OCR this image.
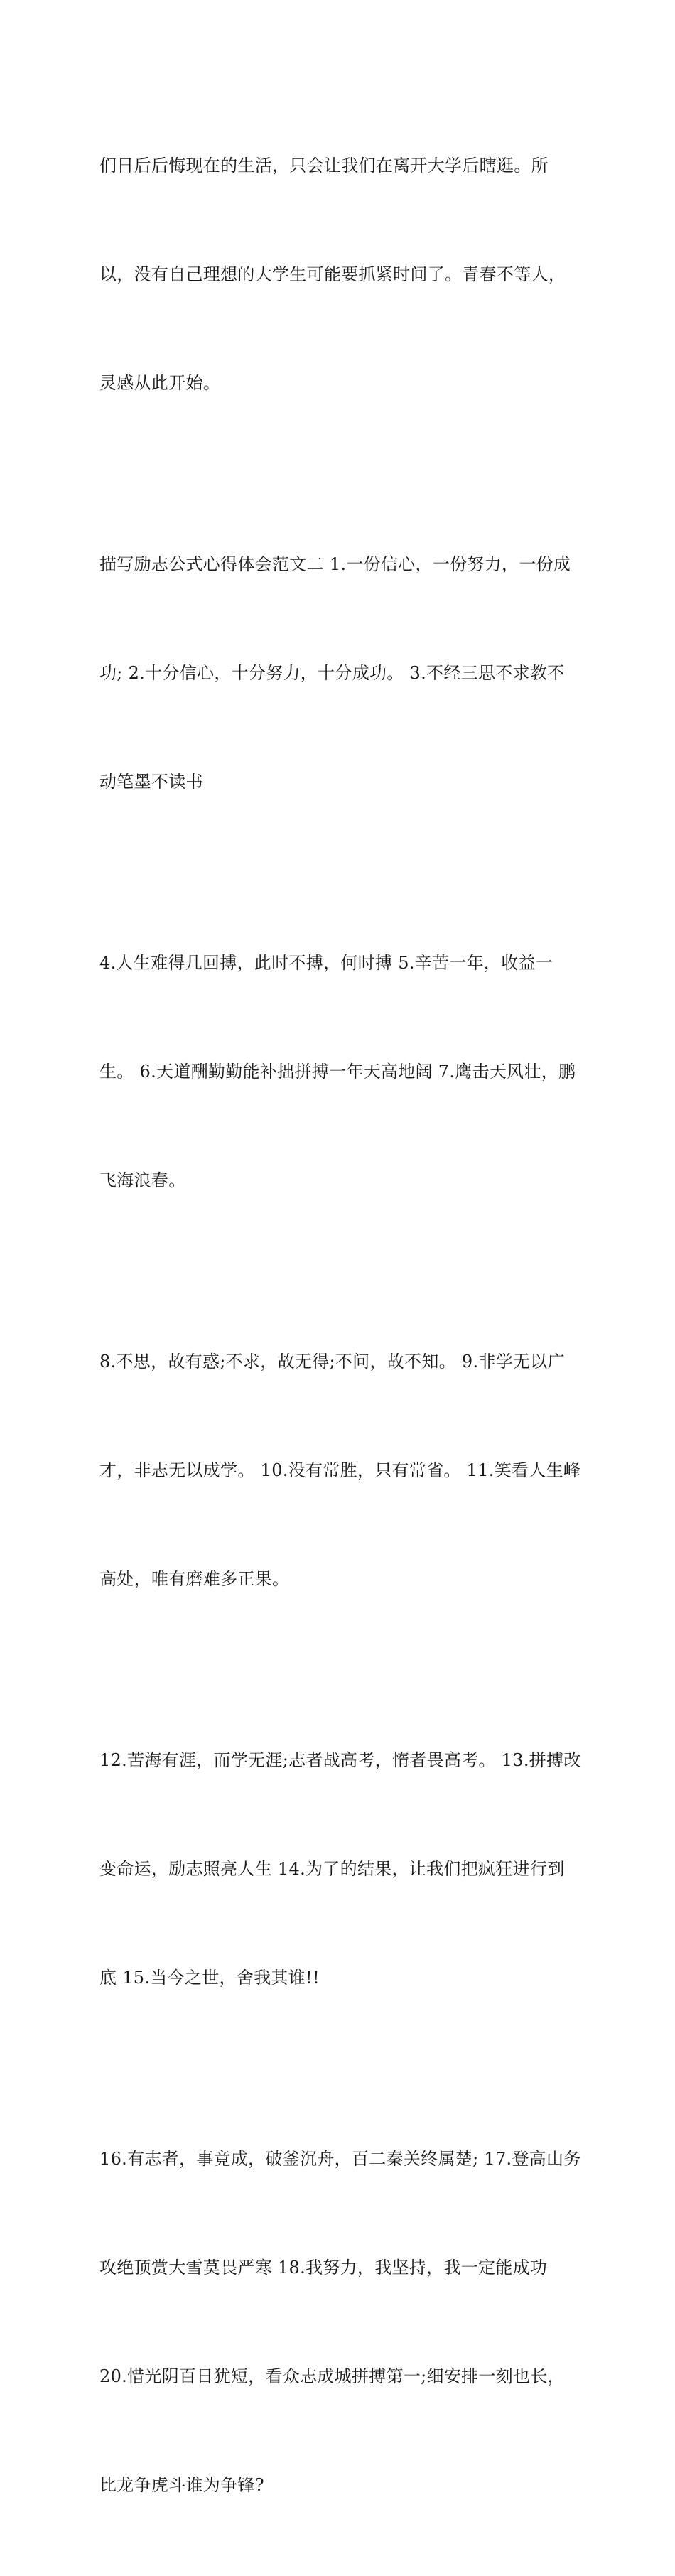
们日后后悔现在的生活，只会让我们在离开大学后瞎逛。所

以，没有自己理想的大学生可能要抓紧时间了。青春不等人，

灵感从此开始。

描写励志公式心得体会范文二 1.一份信心，一份努力，一份成

功; 2.十分信心，十分努力，十分成功。 3.不经三思不求教不

动笔墨不读书

4.人生难得几回搏，此时不搏，何时搏 5.辛苦一年，收益一

生。 6.天道酬勤勤能补拙拼搏一年天高地阔 7.鹰击天风壮，鹏

飞海浪春。

8.不思，故有惑;不求，故无得;不问，故不知。 9.非学无以广

才，非志无以成学。 10.没有常胜，只有常省。 11.笑看人生峰

高处，唯有磨难多正果。

12.苦海有涯，而学无涯;志者战高考，惰者畏高考。 13.拼搏改

变命运，励志照亮人生 14.为了的结果，让我们把疯狂进行到

底 15.当今之世，舍我其谁!!

16.有志者，事竟成，破釜沉舟，百二秦关终属楚; 17.登高山务

攻绝顶赏大雪莫畏严寒 18.我努力，我坚持，我一定能成功

20.惜光阴百日犹短，看众志成城拼搏第一;细安排一刻也长，

比龙争虎斗谁为争锋?
